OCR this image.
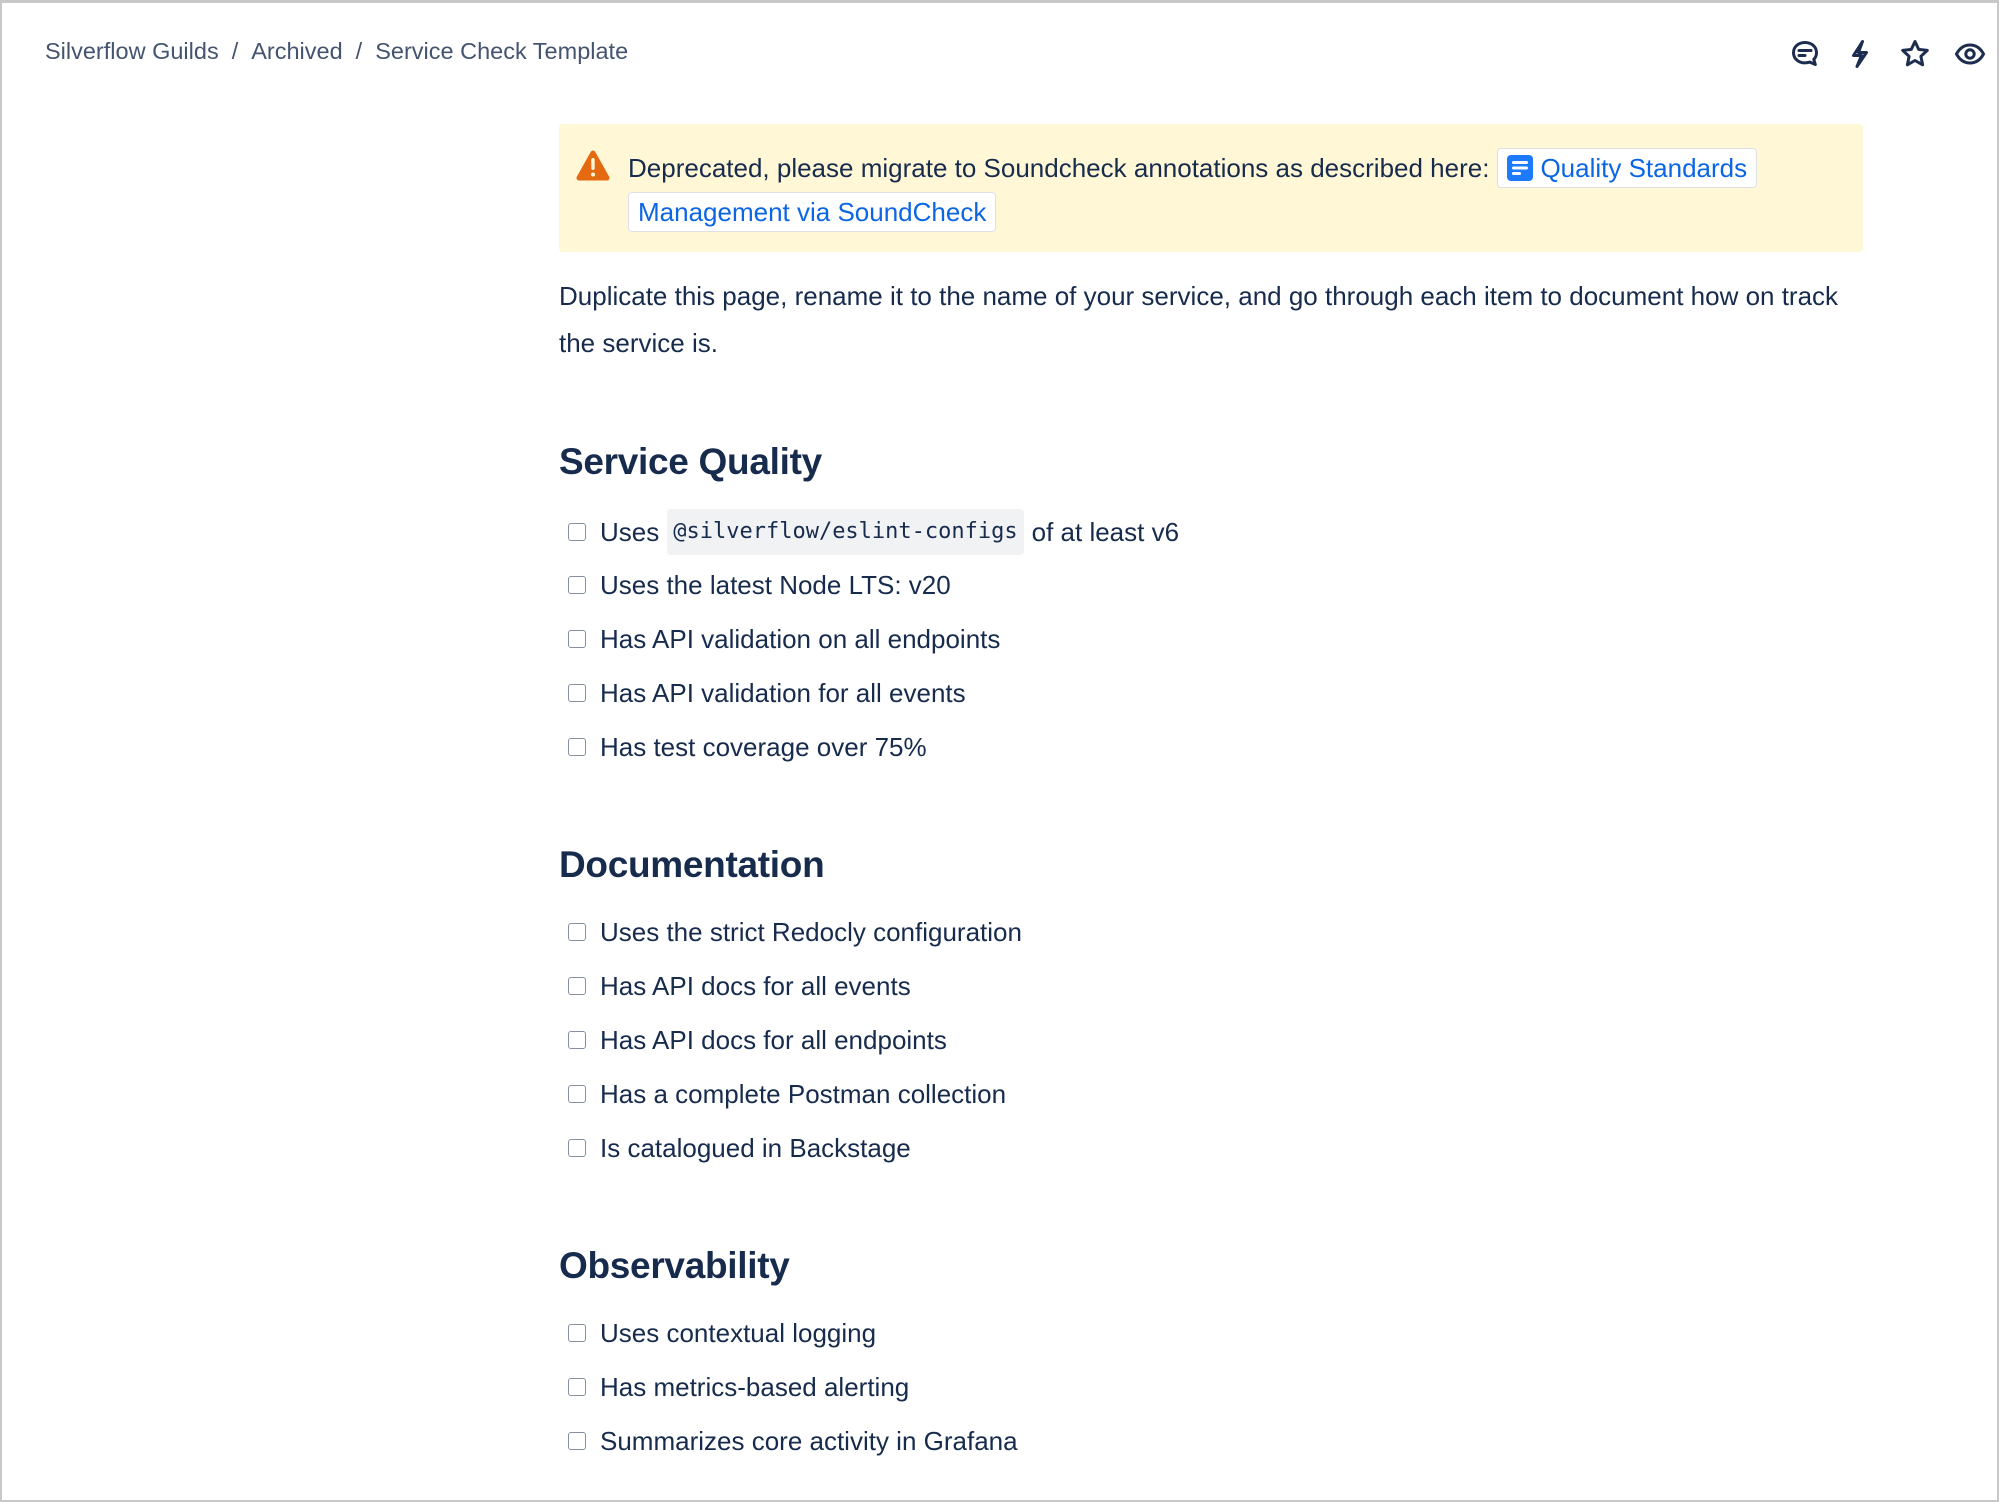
Silverflow Guilds / Archived / Service Check Template
Deprecated, please migrate to Soundcheck annotations as described here: Quality Standards
Management via SoundCheck

Duplicate this page, rename it to the name of your service, and go through each item to document how on track the service is.

Service Quality
Uses @silverflow/eslint-configs of at least v6
Uses the latest Node LTS: v20
Has API validation on all endpoints
Has API validation for all events
Has test coverage over 75%
Documentation
Uses the strict Redocly configuration
Has API docs for all events
Has API docs for all endpoints
Has a complete Postman collection
Is catalogued in Backstage
Observability
Uses contextual logging
Has metrics-based alerting
Summarizes core activity in Grafana
